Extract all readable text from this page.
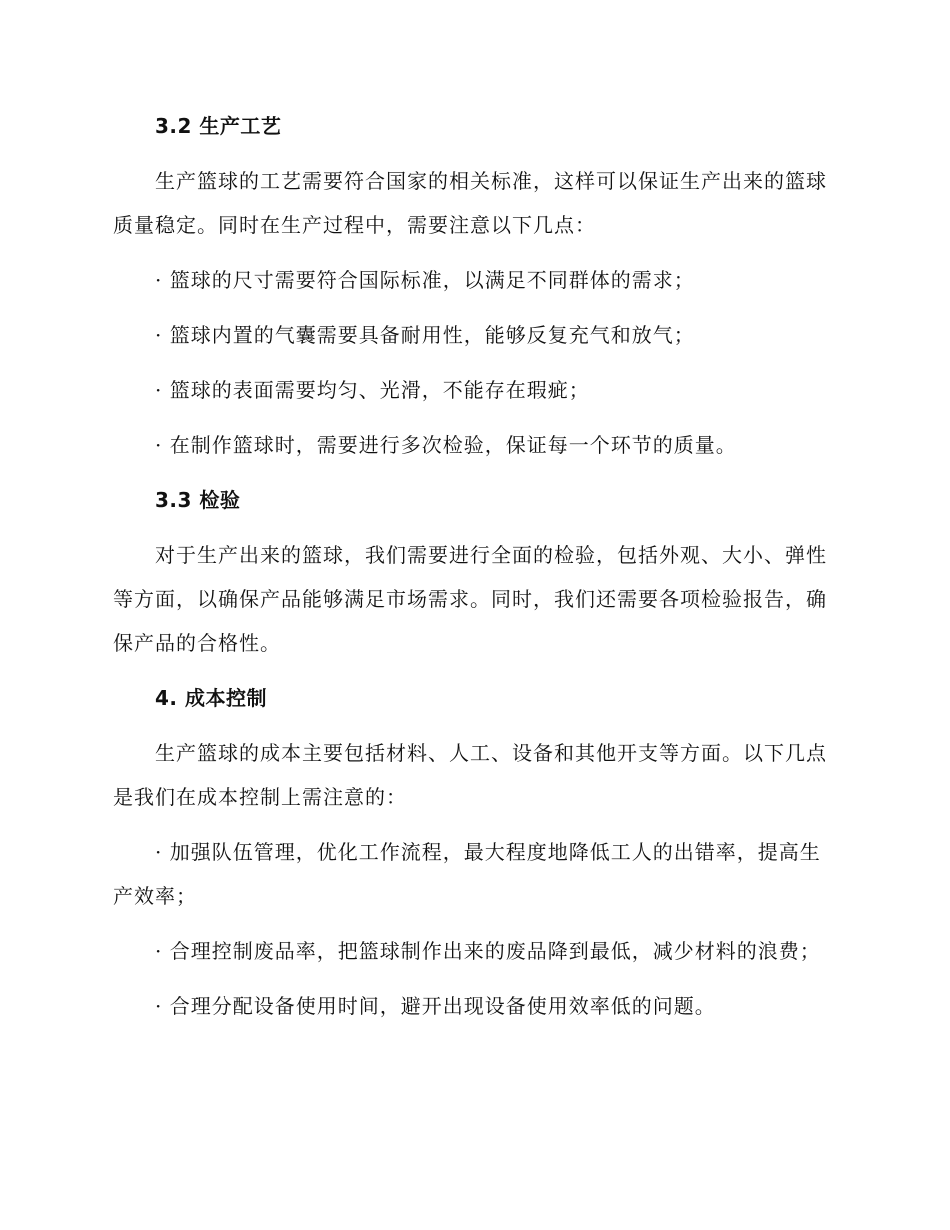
3.2 生产工艺

生产篮球的工艺需要符合国家的相关标准，这样可以保证生产出来的篮球质量稳定。同时在生产过程中，需要注意以下几点：

· 篮球的尺寸需要符合国际标准，以满足不同群体的需求；

· 篮球内置的气囊需要具备耐用性，能够反复充气和放气；

· 篮球的表面需要均匀、光滑，不能存在瑕疵；

· 在制作篮球时，需要进行多次检验，保证每一个环节的质量。

3.3 检验

对于生产出来的篮球，我们需要进行全面的检验，包括外观、大小、弹性等方面，以确保产品能够满足市场需求。同时，我们还需要各项检验报告，确保产品的合格性。

4. 成本控制

生产篮球的成本主要包括材料、人工、设备和其他开支等方面。以下几点是我们在成本控制上需注意的：

· 加强队伍管理，优化工作流程，最大程度地降低工人的出错率，提高生产效率；

· 合理控制废品率，把篮球制作出来的废品降到最低，减少材料的浪费；

· 合理分配设备使用时间，避开出现设备使用效率低的问题。
